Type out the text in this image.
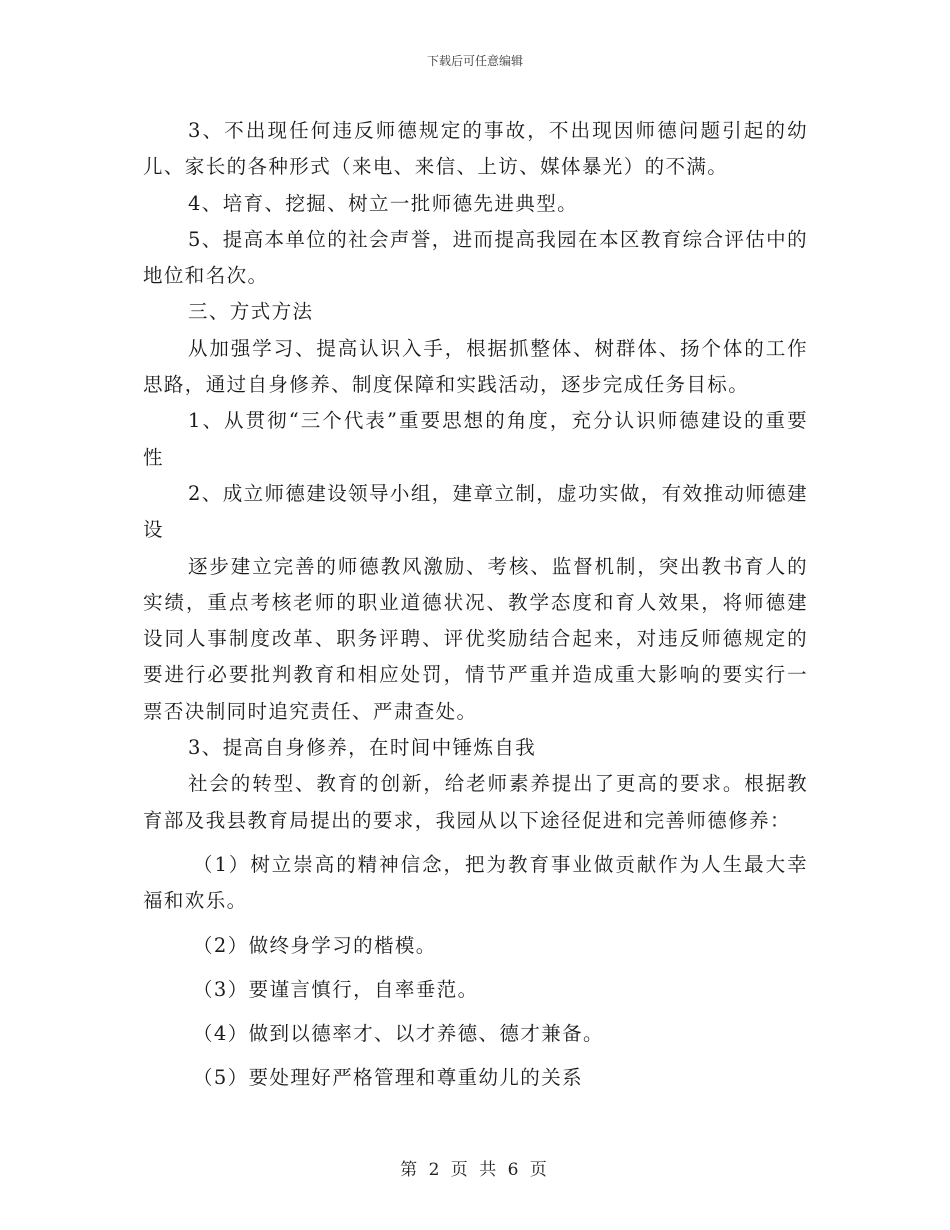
下载后可任意编辑

3、不出现任何违反师德规定的事故，不出现因师德问题引起的幼儿、家长的各种形式（来电、来信、上访、媒体暴光）的不满。

4、培育、挖掘、树立一批师德先进典型。

5、提高本单位的社会声誉，进而提高我园在本区教育综合评估中的地位和名次。

三、方式方法

从加强学习、提高认识入手，根据抓整体、树群体、扬个体的工作思路，通过自身修养、制度保障和实践活动，逐步完成任务目标。

1、从贯彻“三个代表”重要思想的角度，充分认识师德建设的重要性

2、成立师德建设领导小组，建章立制，虚功实做，有效推动师德建设

逐步建立完善的师德教风激励、考核、监督机制，突出教书育人的实绩，重点考核老师的职业道德状况、教学态度和育人效果，将师德建设同人事制度改革、职务评聘、评优奖励结合起来，对违反师德规定的要进行必要批判教育和相应处罚，情节严重并造成重大影响的要实行一票否决制同时追究责任、严肃查处。

3、提高自身修养，在时间中锤炼自我

社会的转型、教育的创新，给老师素养提出了更高的要求。根据教育部及我县教育局提出的要求，我园从以下途径促进和完善师德修养：

（1）树立崇高的精神信念，把为教育事业做贡献作为人生最大幸福和欢乐。

（2）做终身学习的楷模。

（3）要谨言慎行，自率垂范。

（4）做到以德率才、以才养德、德才兼备。

（5）要处理好严格管理和尊重幼儿的关系

第 2 页 共 6 页
